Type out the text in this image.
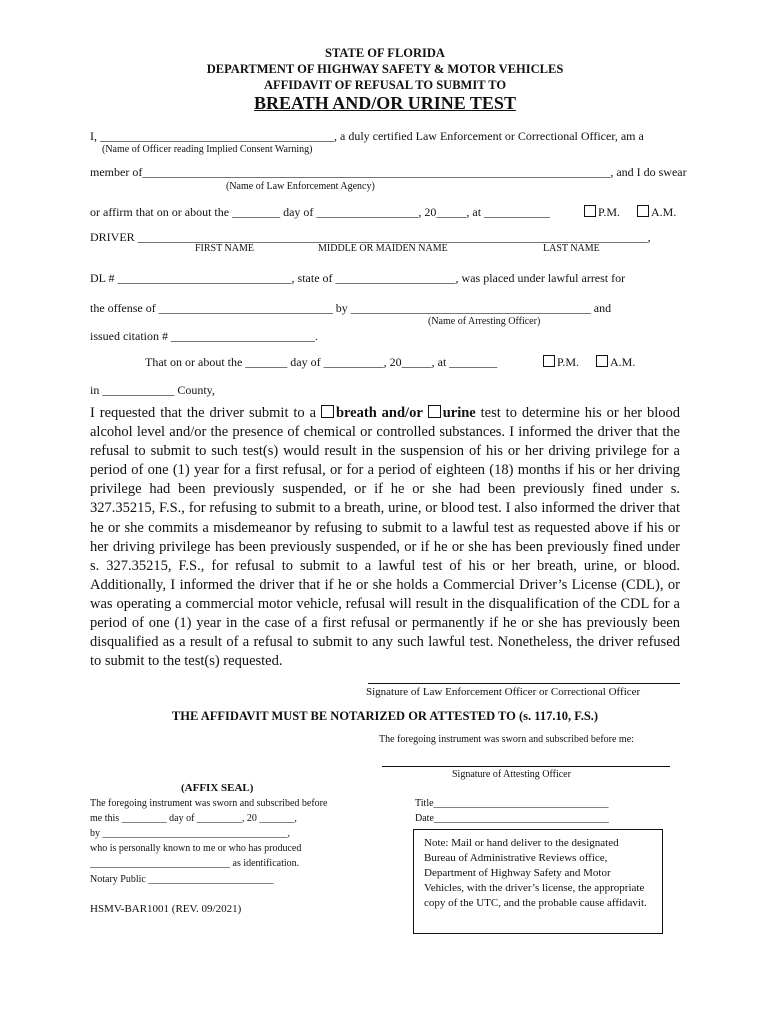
STATE OF FLORIDA
DEPARTMENT OF HIGHWAY SAFETY & MOTOR VEHICLES
AFFIDAVIT OF REFUSAL TO SUBMIT TO
BREATH AND/OR URINE TEST
I, _______________________________________, a duly certified Law Enforcement or Correctional Officer, am a
(Name of Officer reading Implied Consent Warning)
member of______________________________________________________________________________, and I do swear
(Name of Law Enforcement Agency)
or affirm that on or about the ________ day of _________________, 20_____, at ___________	P.M.	A.M.
DRIVER _____________________________________________________________________________________,
FIRST NAME	MIDDLE OR MAIDEN NAME	LAST NAME
DL # _____________________________, state of ____________________, was placed under lawful arrest for
the offense of _____________________________ by ________________________________________ and
(Name of Arresting Officer)
issued citation # ________________________.
That on or about the _______ day of __________, 20_____, at ________	P.M.	A.M.
in ____________ County,
I requested that the driver submit to a breath and/or urine test to determine his or her blood alcohol level and/or the presence of chemical or controlled substances. I informed the driver that the refusal to submit to such test(s) would result in the suspension of his or her driving privilege for a period of one (1) year for a first refusal, or for a period of eighteen (18) months if his or her driving privilege had been previously suspended, or if he or she had been previously fined under s. 327.35215, F.S., for refusing to submit to a breath, urine, or blood test. I also informed the driver that he or she commits a misdemeanor by refusing to submit to a lawful test as requested above if his or her driving privilege has been previously suspended, or if he or she has been previously fined under s. 327.35215, F.S., for refusal to submit to a lawful test of his or her breath, urine, or blood. Additionally, I informed the driver that if he or she holds a Commercial Driver’s License (CDL), or was operating a commercial motor vehicle, refusal will result in the disqualification of the CDL for a period of one (1) year in the case of a first refusal or permanently if he or she has previously been disqualified as a result of a refusal to submit to any such lawful test. Nonetheless, the driver refused to submit to the test(s) requested.
Signature of Law Enforcement Officer or Correctional Officer
THE AFFIDAVIT MUST BE NOTARIZED OR ATTESTED TO (s. 117.10, F.S.)
The foregoing instrument was sworn and subscribed before me:
Signature of Attesting Officer
(AFFIX SEAL)
The foregoing instrument was sworn and subscribed before
me this _________ day of _________, 20 _______,
by _____________________________________,
who is personally known to me or who has produced
____________________________ as identification.
Notary Public _________________________
Title___________________________________
Date___________________________________
Note: Mail or hand deliver to the designated Bureau of Administrative Reviews office, Department of Highway Safety and Motor Vehicles, with the driver’s license, the appropriate copy of the UTC, and the probable cause affidavit.
HSMV-BAR1001 (REV. 09/2021)
